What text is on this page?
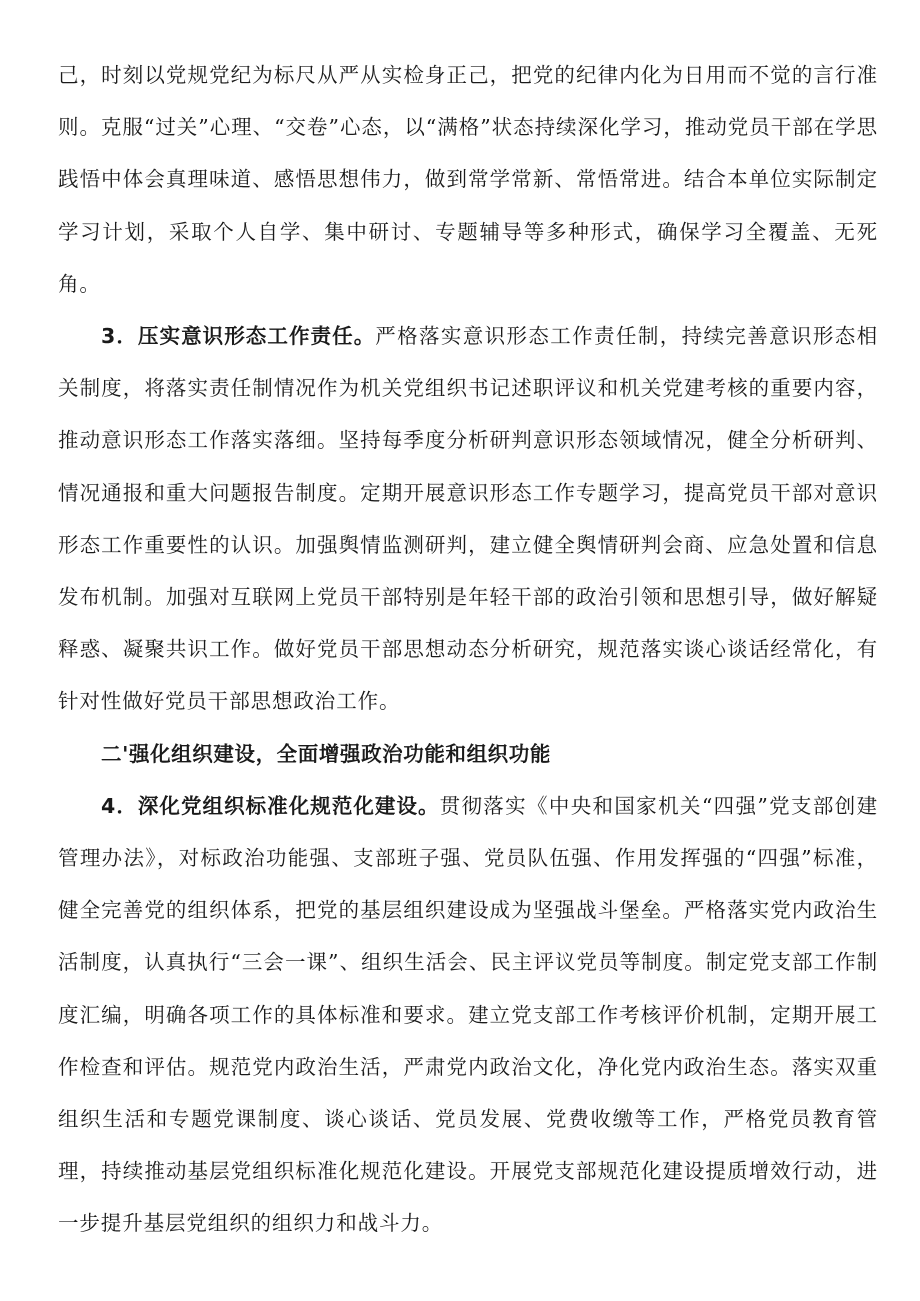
己，时刻以党规党纪为标尺从严从实检身正己，把党的纪律内化为日用而不觉的言行准则。克服“过关”心理、“交卷”心态，以“满格”状态持续深化学习，推动党员干部在学思践悟中体会真理味道、感悟思想伟力，做到常学常新、常悟常进。结合本单位实际制定学习计划，采取个人自学、集中研讨、专题辅导等多种形式，确保学习全覆盖、无死角。

3．压实意识形态工作责任。严格落实意识形态工作责任制，持续完善意识形态相关制度，将落实责任制情况作为机关党组织书记述职评议和机关党建考核的重要内容，推动意识形态工作落实落细。坚持每季度分析研判意识形态领域情况，健全分析研判、情况通报和重大问题报告制度。定期开展意识形态工作专题学习，提高党员干部对意识形态工作重要性的认识。加强舆情监测研判，建立健全舆情研判会商、应急处置和信息发布机制。加强对互联网上党员干部特别是年轻干部的政治引领和思想引导，做好解疑释惑、凝聚共识工作。做好党员干部思想动态分析研究，规范落实谈心谈话经常化，有针对性做好党员干部思想政治工作。

二'强化组织建设，全面增强政治功能和组织功能

4．深化党组织标准化规范化建设。贯彻落实《中央和国家机关“四强”党支部创建管理办法》，对标政治功能强、支部班子强、党员队伍强、作用发挥强的“四强”标准，健全完善党的组织体系，把党的基层组织建设成为坚强战斗堡垒。严格落实党内政治生活制度，认真执行“三会一课”、组织生活会、民主评议党员等制度。制定党支部工作制度汇编，明确各项工作的具体标准和要求。建立党支部工作考核评价机制，定期开展工作检查和评估。规范党内政治生活，严肃党内政治文化，净化党内政治生态。落实双重组织生活和专题党课制度、谈心谈话、党员发展、党费收缴等工作，严格党员教育管理，持续推动基层党组织标准化规范化建设。开展党支部规范化建设提质增效行动，进一步提升基层党组织的组织力和战斗力。
